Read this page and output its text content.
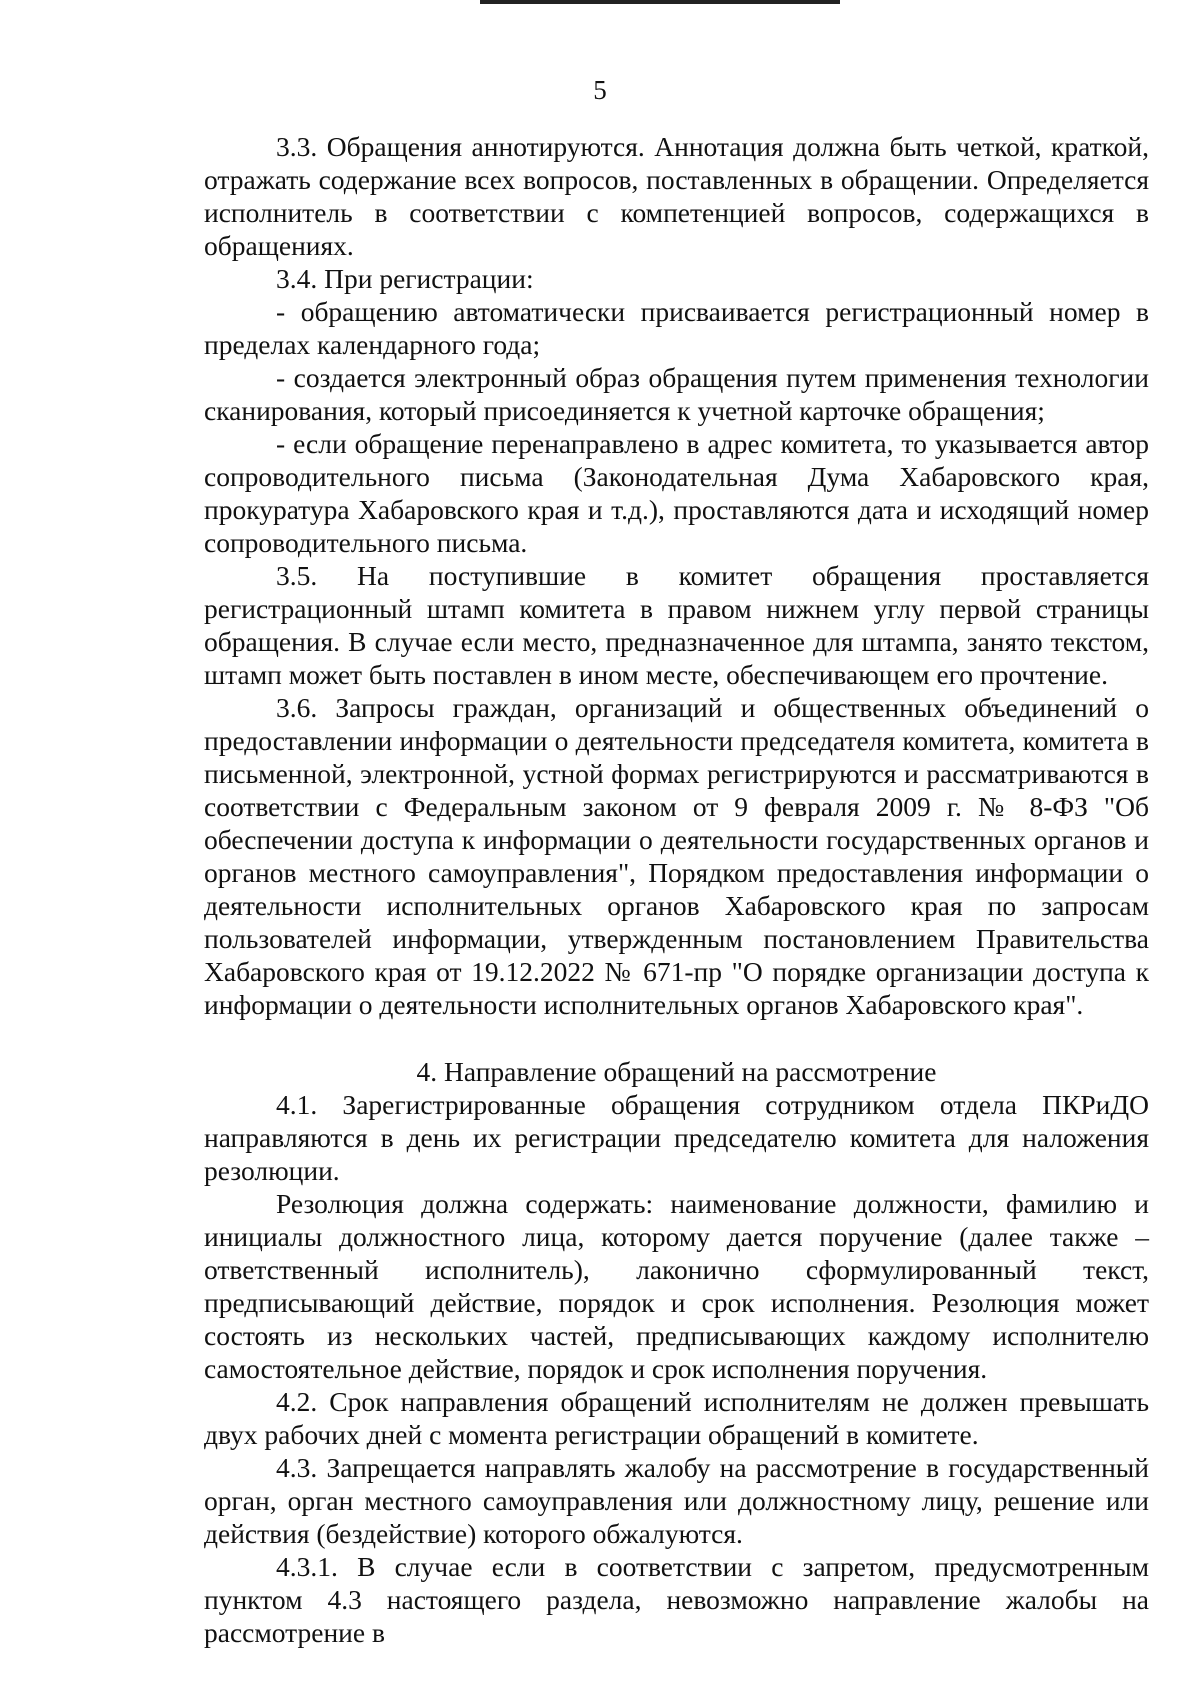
5

3.3. Обращения аннотируются. Аннотация должна быть четкой, краткой, отражать содержание всех вопросов, поставленных в обращении. Определяется исполнитель в соответствии с компетенцией вопросов, содержащихся в обращениях.

3.4. При регистрации:

- обращению автоматически присваивается регистрационный номер в пределах календарного года;

- создается электронный образ обращения путем применения технологии сканирования, который присоединяется к учетной карточке обращения;

- если обращение перенаправлено в адрес комитета, то указывается автор сопроводительного письма (Законодательная Дума Хабаровского края, прокуратура Хабаровского края и т.д.), проставляются дата и исходящий номер сопроводительного письма.

3.5. На поступившие в комитет обращения проставляется регистрационный штамп комитета в правом нижнем углу первой страницы обращения. В случае если место, предназначенное для штампа, занято текстом, штамп может быть поставлен в ином месте, обеспечивающем его прочтение.

3.6. Запросы граждан, организаций и общественных объединений о предоставлении информации о деятельности председателя комитета, комитета в письменной, электронной, устной формах регистрируются и рассматриваются в соответствии с Федеральным законом от 9 февраля 2009 г. № 8-ФЗ "Об обеспечении доступа к информации о деятельности государственных органов и органов местного самоуправления", Порядком предоставления информации о деятельности исполнительных органов Хабаровского края по запросам пользователей информации, утвержденным постановлением Правительства Хабаровского края от 19.12.2022 № 671-пр "О порядке организации доступа к информации о деятельности исполнительных органов Хабаровского края".

4. Направление обращений на рассмотрение

4.1. Зарегистрированные обращения сотрудником отдела ПКРиДО направляются в день их регистрации председателю комитета для наложения резолюции.

Резолюция должна содержать: наименование должности, фамилию и инициалы должностного лица, которому дается поручение (далее также – ответственный исполнитель), лаконично сформулированный текст, предписывающий действие, порядок и срок исполнения. Резолюция может состоять из нескольких частей, предписывающих каждому исполнителю самостоятельное действие, порядок и срок исполнения поручения.

4.2. Срок направления обращений исполнителям не должен превышать двух рабочих дней с момента регистрации обращений в комитете.

4.3. Запрещается направлять жалобу на рассмотрение в государственный орган, орган местного самоуправления или должностному лицу, решение или действия (бездействие) которого обжалуются.

4.3.1. В случае если в соответствии с запретом, предусмотренным пунктом 4.3 настоящего раздела, невозможно направление жалобы на рассмотрение в
